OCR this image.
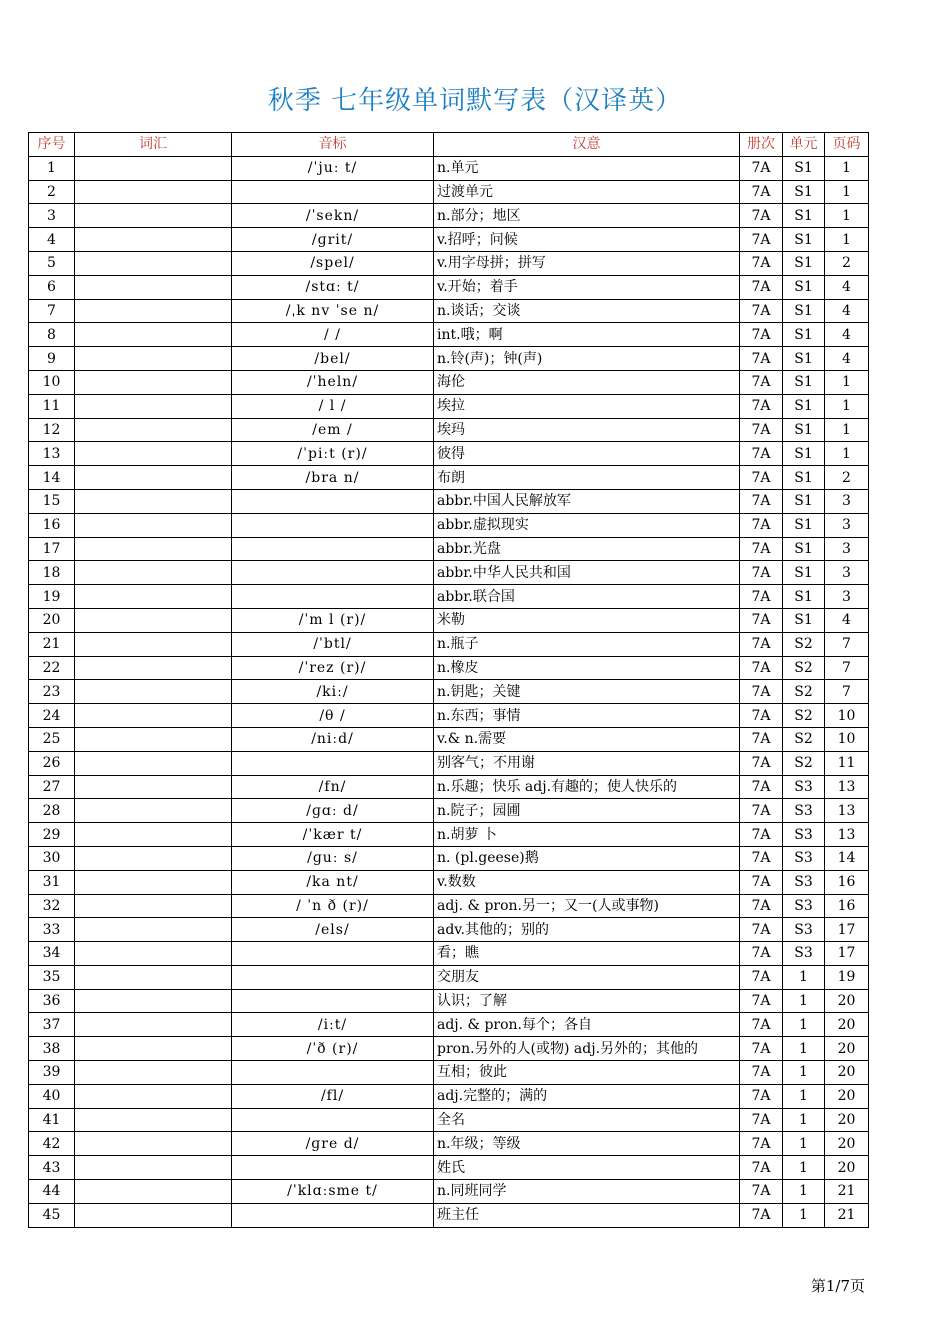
秋季 七年级单词默写表（汉译英）
序号	词汇	音标	汉意	册次	单元	页码
1		/ˈjuː t/	n.单元	7A	S1	1
2			过渡单元	7A	S1	1
3		/ˈsekn/	n.部分；地区	7A	S1	1
4		/ɡrit/	v.招呼；问候	7A	S1	1
5		/spel/	v.用字母拼；拼写	7A	S1	2
6		/stɑː t/	v.开始；着手	7A	S1	4
7		/ˌk nv ˈse n/	n.谈话；交谈	7A	S1	4
8		/ /	int.哦；啊	7A	S1	4
9		/bel/	n.铃(声)；钟(声)	7A	S1	4
10		/ˈheln/	海伦	7A	S1	1
11		/ l /	埃拉	7A	S1	1
12		/em /	埃玛	7A	S1	1
13		/ˈpiːt (r)/	彼得	7A	S1	1
14		/bra n/	布朗	7A	S1	2
15			abbr.中国人民解放军	7A	S1	3
16			abbr.虚拟现实	7A	S1	3
17			abbr.光盘	7A	S1	3
18			abbr.中华人民共和国	7A	S1	3
19			abbr.联合国	7A	S1	3
20		/ˈm l (r)/	米勒	7A	S1	4
21		/ˈbtl/	n.瓶子	7A	S2	7
22		/ˈrez (r)/	n.橡皮	7A	S2	7
23		/kiː/	n.钥匙；关键	7A	S2	7
24		/θ /	n.东西；事情	7A	S2	10
25		/niːd/	v.& n.需要	7A	S2	10
26			别客气；不用谢	7A	S2	11
27		/fn/	n.乐趣；快乐 adj.有趣的；使人快乐的	7A	S3	13
28		/ɡɑː d/	n.院子；园圃	7A	S3	13
29		/ˈkær t/	n.胡萝 卜	7A	S3	13
30		/ɡuː s/	n. (pl.geese)鹅	7A	S3	14
31		/ka nt/	v.数数	7A	S3	16
32		/ ˈn ð (r)/	adj. & pron.另一；又一(人或事物)	7A	S3	16
33		/els/	adv.其他的；别的	7A	S3	17
34			看；瞧	7A	S3	17
35			交朋友	7A	1	19
36			认识；了解	7A	1	20
37		/iːt/	adj. & pron.每个；各自	7A	1	20
38		/ˈð (r)/	pron.另外的人(或物) adj.另外的；其他的	7A	1	20
39			互相；彼此	7A	1	20
40		/fl/	adj.完整的；满的	7A	1	20
41			全名	7A	1	20
42		/ɡre d/	n.年级；等级	7A	1	20
43			姓氏	7A	1	20
44		/ˈklɑːsme t/	n.同班同学	7A	1	21
45			班主任	7A	1	21
第1/7页
